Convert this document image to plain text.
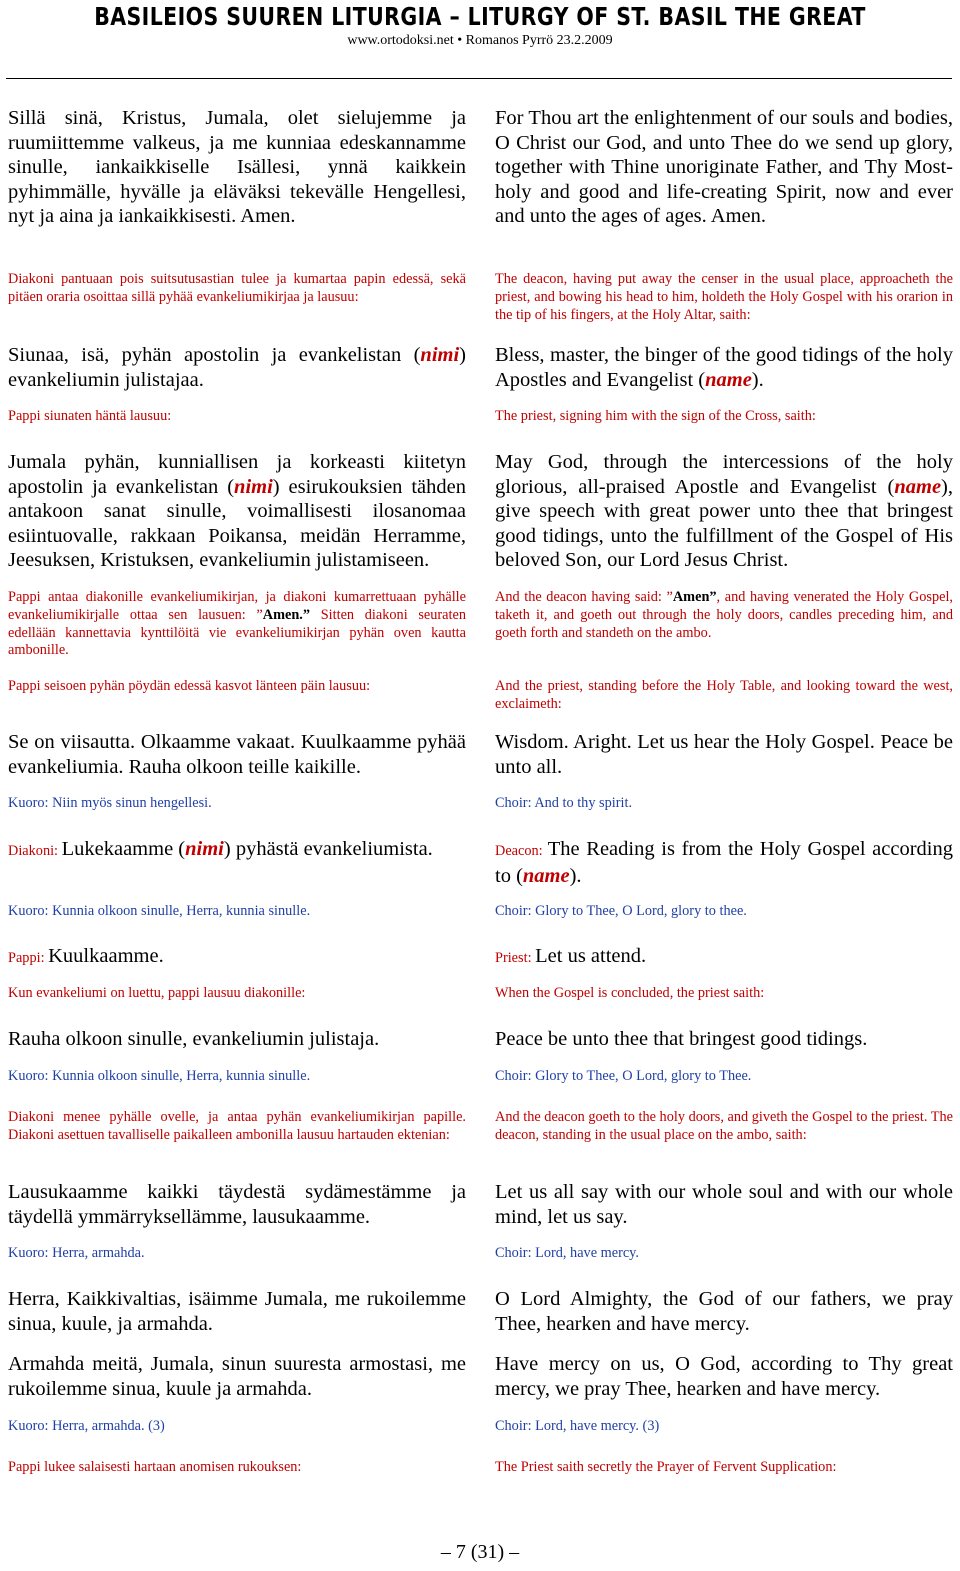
BASILEIOS SUUREN LITURGIA – LITURGY OF ST. BASIL THE GREAT
www.ortodoksi.net • Romanos Pyrrö 23.2.2009

Sillä sinä, Kristus, Jumala, olet sielujemme ja ruumiittemme valkeus, ja me kunniaa edeskannamme sinulle, iankaikkiselle Isällesi, ynnä kaikkein pyhimmälle, hyvälle ja eläväksi tekevälle Hengellesi, nyt ja aina ja iankaikkisesti. Amen.

Diakoni pantuaan pois suitsutusastian tulee ja kumartaa papin edessä, sekä pitäen oraria osoittaa sillä pyhää evankeliumikirjaa ja lausuu:

Siunaa, isä, pyhän apostolin ja evankelistan (nimi) evankeliumin julistajaa.

Pappi siunaten häntä lausuu:

Jumala pyhän, kunniallisen ja korkeasti kiitetyn apostolin ja evankelistan (nimi) esirukouksien tähden antakoon sanat sinulle, voimallisesti ilosanomaa esiintuovalle, rakkaan Poikansa, meidän Herramme, Jeesuksen, Kristuksen, evankeliumin julistamiseen.

Pappi antaa diakonille evankeliumikirjan, ja diakoni kumarrettuaan pyhälle evankeliumikirjalle ottaa sen lausuen: ”Amen.” Sitten diakoni seuraten edellään kannettavia kynttilöitä vie evankeliumikirjan pyhän oven kautta ambonille.

Pappi seisoen pyhän pöydän edessä kasvot länteen päin lausuu:

Se on viisautta. Olkaamme vakaat. Kuulkaamme pyhää evankeliumia. Rauha olkoon teille kaikille.

Kuoro: Niin myös sinun hengellesi.

Diakoni: Lukekaamme (nimi) pyhästä evankeliumista.

Kuoro: Kunnia olkoon sinulle, Herra, kunnia sinulle.

Pappi: Kuulkaamme.

Kun evankeliumi on luettu, pappi lausuu diakonille:

Rauha olkoon sinulle, evankeliumin julistaja.

Kuoro: Kunnia olkoon sinulle, Herra, kunnia sinulle.

Diakoni menee pyhälle ovelle, ja antaa pyhän evankeliumikirjan papille. Diakoni asettuen tavalliselle paikalleen ambonilla lausuu hartauden ektenian:

Lausukaamme kaikki täydestä sydämestämme ja täydellä ymmärryksellämme, lausukaamme.

Kuoro: Herra, armahda.

Herra, Kaikkivaltias, isäimme Jumala, me rukoilemme sinua, kuule, ja armahda.

Armahda meitä, Jumala, sinun suuresta armostasi, me rukoilemme sinua, kuule ja armahda.

Kuoro: Herra, armahda. (3)

Pappi lukee salaisesti hartaan anomisen rukouksen:

For Thou art the enlightenment of our souls and bodies, O Christ our God, and unto Thee do we send up glory, together with Thine unoriginate Father, and Thy Most-holy and good and life-creating Spirit, now and ever and unto the ages of ages. Amen.

The deacon, having put away the censer in the usual place, approacheth the priest, and bowing his head to him, holdeth the Holy Gospel with his orarion in the tip of his fingers, at the Holy Altar, saith:

Bless, master, the binger of the good tidings of the holy Apostles and Evangelist (name).

The priest, signing him with the sign of the Cross, saith:

May God, through the intercessions of the holy glorious, all-praised Apostle and Evangelist (name), give speech with great power unto thee that bringest good tidings, unto the fulfillment of the Gospel of His beloved Son, our Lord Jesus Christ.

And the deacon having said: ”Amen”, and having venerated the Holy Gospel, taketh it, and goeth out through the holy doors, candles preceding him, and goeth forth and standeth on the ambo.

And the priest, standing before the Holy Table, and looking toward the west, exclaimeth:

Wisdom. Aright. Let us hear the Holy Gospel. Peace be unto all.

Choir: And to thy spirit.

Deacon: The Reading is from the Holy Gospel according to (name).

Choir: Glory to Thee, O Lord, glory to thee.

Priest: Let us attend.

When the Gospel is concluded, the priest saith:

Peace be unto thee that bringest good tidings.

Choir: Glory to Thee, O Lord, glory to Thee.

And the deacon goeth to the holy doors, and giveth the Gospel to the priest. The deacon, standing in the usual place on the ambo, saith:

Let us all say with our whole soul and with our whole mind, let us say.

Choir: Lord, have mercy.

O Lord Almighty, the God of our fathers, we pray Thee, hearken and have mercy.

Have mercy on us, O God, according to Thy great mercy, we pray Thee, hearken and have mercy.

Choir: Lord, have mercy. (3)

The Priest saith secretly the Prayer of Fervent Supplication:

– 7 (31) –
